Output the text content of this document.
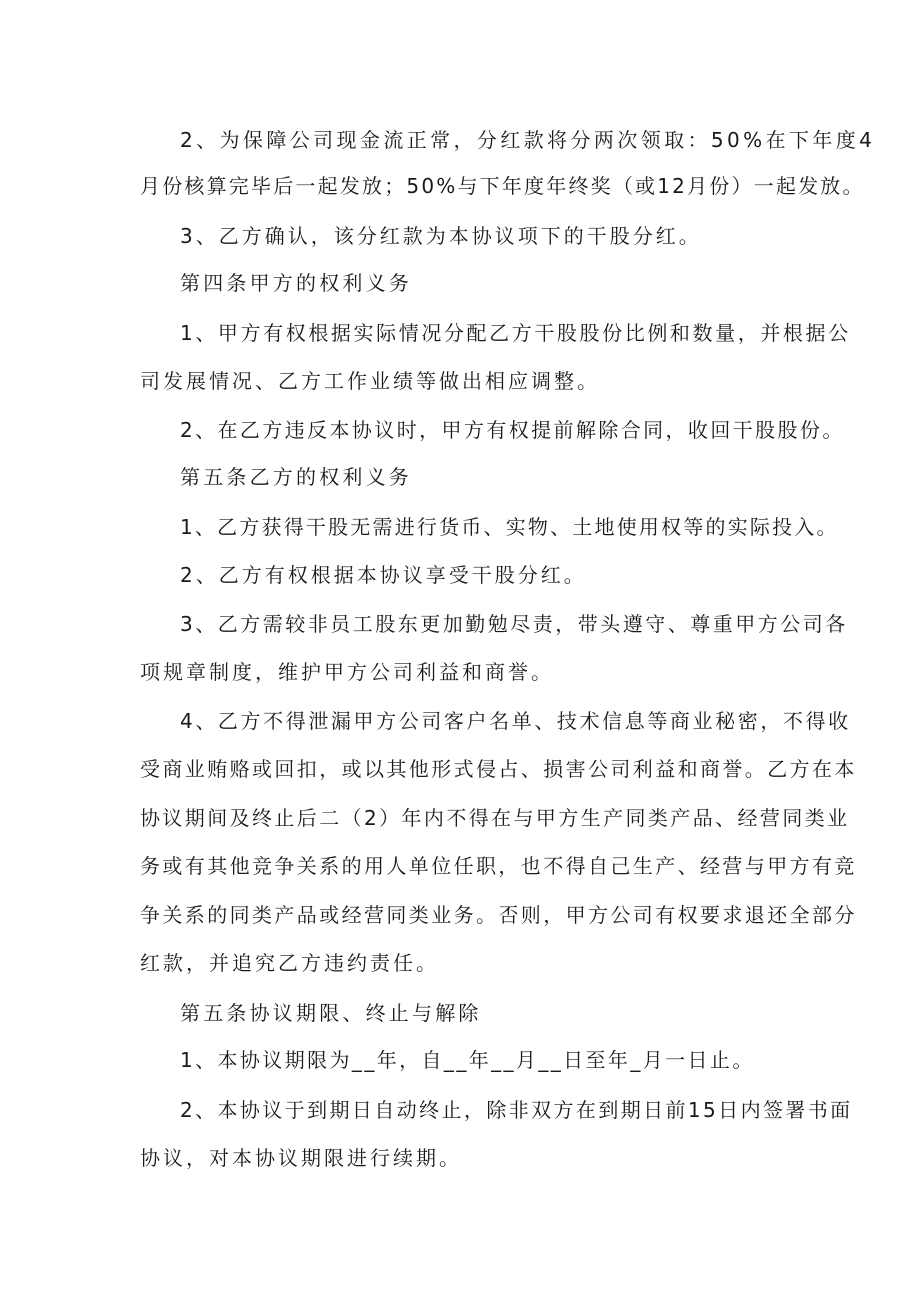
2、为保障公司现金流正常，分红款将分两次领取：50%在下年度4

月份核算完毕后一起发放；50%与下年度年终奖（或12月份）一起发放。

3、乙方确认，该分红款为本协议项下的干股分红。

第四条甲方的权利义务

1、甲方有权根据实际情况分配乙方干股股份比例和数量，并根据公

司发展情况、乙方工作业绩等做出相应调整。

2、在乙方违反本协议时，甲方有权提前解除合同，收回干股股份。

第五条乙方的权利义务

1、乙方获得干股无需进行货币、实物、土地使用权等的实际投入。

2、乙方有权根据本协议享受干股分红。

3、乙方需较非员工股东更加勤勉尽责，带头遵守、尊重甲方公司各

项规章制度，维护甲方公司利益和商誉。

4、乙方不得泄漏甲方公司客户名单、技术信息等商业秘密，不得收

受商业贿赂或回扣，或以其他形式侵占、损害公司利益和商誉。乙方在本

协议期间及终止后二（2）年内不得在与甲方生产同类产品、经营同类业

务或有其他竞争关系的用人单位任职，也不得自己生产、经营与甲方有竞

争关系的同类产品或经营同类业务。否则，甲方公司有权要求退还全部分

红款，并追究乙方违约责任。

第五条协议期限、终止与解除

1、本协议期限为__年，自__年__月__日至年_月一日止。

2、本协议于到期日自动终止，除非双方在到期日前15日内签署书面

协议，对本协议期限进行续期。
